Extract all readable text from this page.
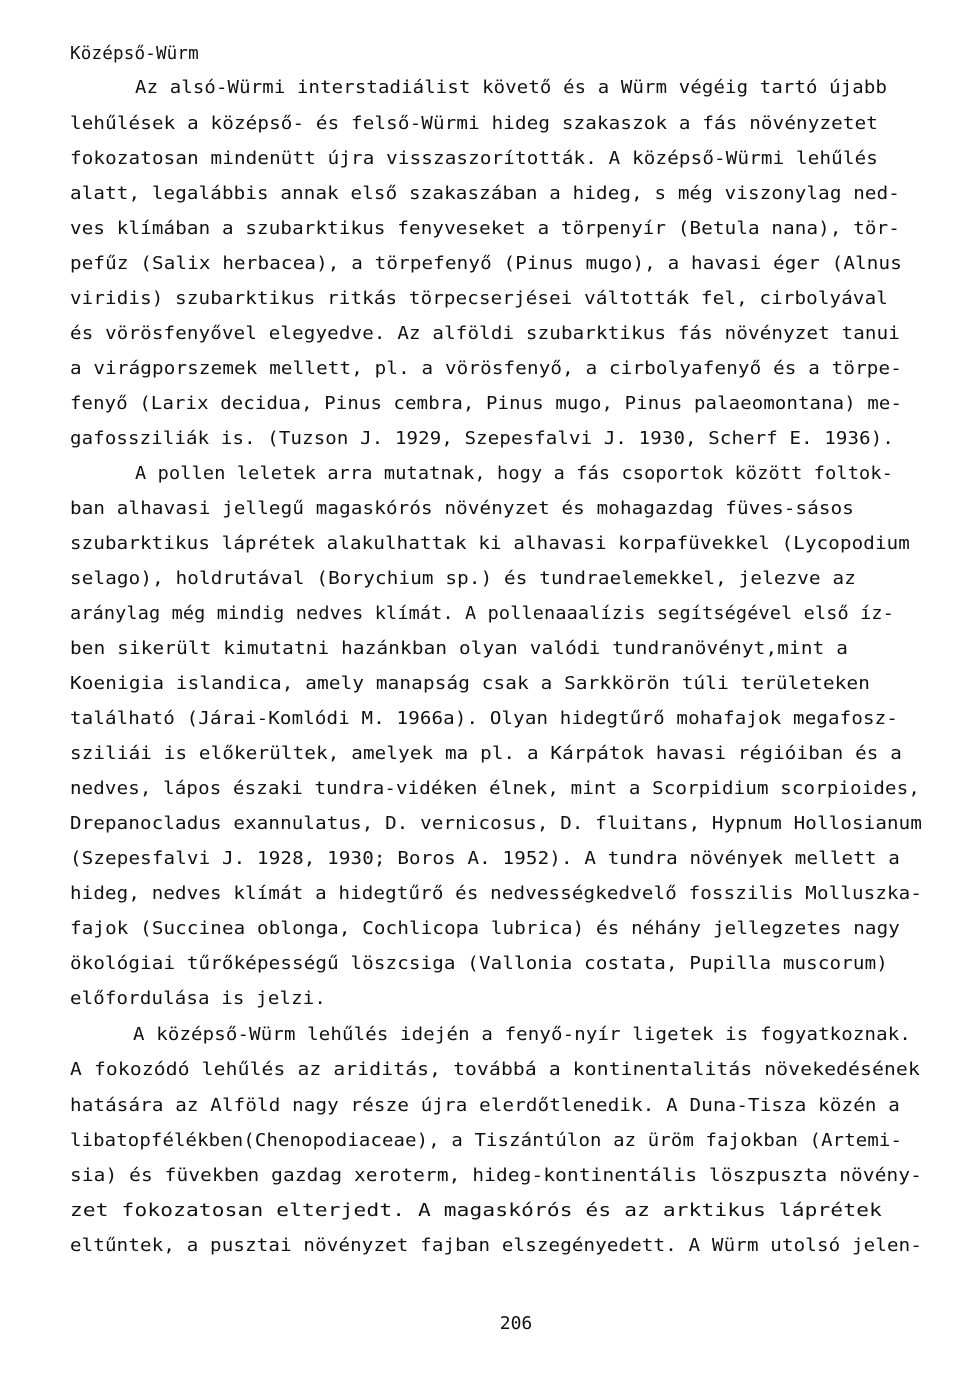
Középső-Würm
Az alsó-Würmi interstadiálist követő és a Würm végéig tartó újabb
lehűlések a középső- és felső-Würmi hideg szakaszok a fás növényzetet
fokozatosan mindenütt újra visszaszorították. A középső-Würmi lehűlés
alatt, legalábbis annak első szakaszában a hideg, s még viszonylag ned-
ves klímában a szubarktikus fenyveseket a törpenyír (Betula nana), tör-
pefűz (Salix herbacea), a törpefenyő (Pinus mugo), a havasi éger (Alnus
viridis) szubarktikus ritkás törpecserjései váltották fel, cirbolyával
és vörösfenyővel elegyedve. Az alföldi szubarktikus fás növényzet tanui
a virágporszemek mellett, pl. a vörösfenyő, a cirbolyafenyő és a törpe-
fenyő (Larix decidua, Pinus cembra, Pinus mugo, Pinus palaeomontana) me-
gafossziliák is. (Tuzson J. 1929, Szepesfalvi J. 1930, Scherf E. 1936).
A pollen leletek arra mutatnak, hogy a fás csoportok között foltok-
ban alhavasi jellegű magaskórós növényzet és mohagazdag füves-sásos
szubarktikus láprétek alakulhattak ki alhavasi korpafüvekkel (Lycopodium
selago), holdrutával (Borychium sp.) és tundraelemekkel, jelezve az
aránylag még mindig nedves klímát. A pollenaaalízis segítségével első íz-
ben sikerült kimutatni hazánkban olyan valódi tundranövényt,mint a
Koenigia islandica, amely manapság csak a Sarkkörön túli területeken
található (Járai-Komlódi M. 1966a). Olyan hidegtűrő mohafajok megafosz-
sziliái is előkerültek, amelyek ma pl. a Kárpátok havasi régióiban és a
nedves, lápos északi tundra-vidéken élnek, mint a Scorpidium scorpioides,
Drepanocladus exannulatus, D. vernicosus, D. fluitans, Hypnum Hollosianum
(Szepesfalvi J. 1928, 1930; Boros A. 1952). A tundra növények mellett a
hideg, nedves klímát a hidegtűrő és nedvességkedvelő fosszilis Molluszka-
fajok (Succinea oblonga, Cochlicopa lubrica) és néhány jellegzetes nagy
ökológiai tűrőképességű löszcsiga (Vallonia costata, Pupilla muscorum)
előfordulása is jelzi.
A középső-Würm lehűlés idején a fenyő-nyír ligetek is fogyatkoznak.
A fokozódó lehűlés az ariditás, továbbá a kontinentalitás növekedésének
hatására az Alföld nagy része újra elerdőtlenedik. A Duna-Tisza közén a
libatopfélékben(Chenopodiaceae), a Tiszántúlon az üröm fajokban (Artemi-
sia) és füvekben gazdag xeroterm, hideg-kontinentális löszpuszta növény-
zet fokozatosan elterjedt. A magaskórós és az arktikus láprétek
eltűntek, a pusztai növényzet fajban elszegényedett. A Würm utolsó jelen-
206
